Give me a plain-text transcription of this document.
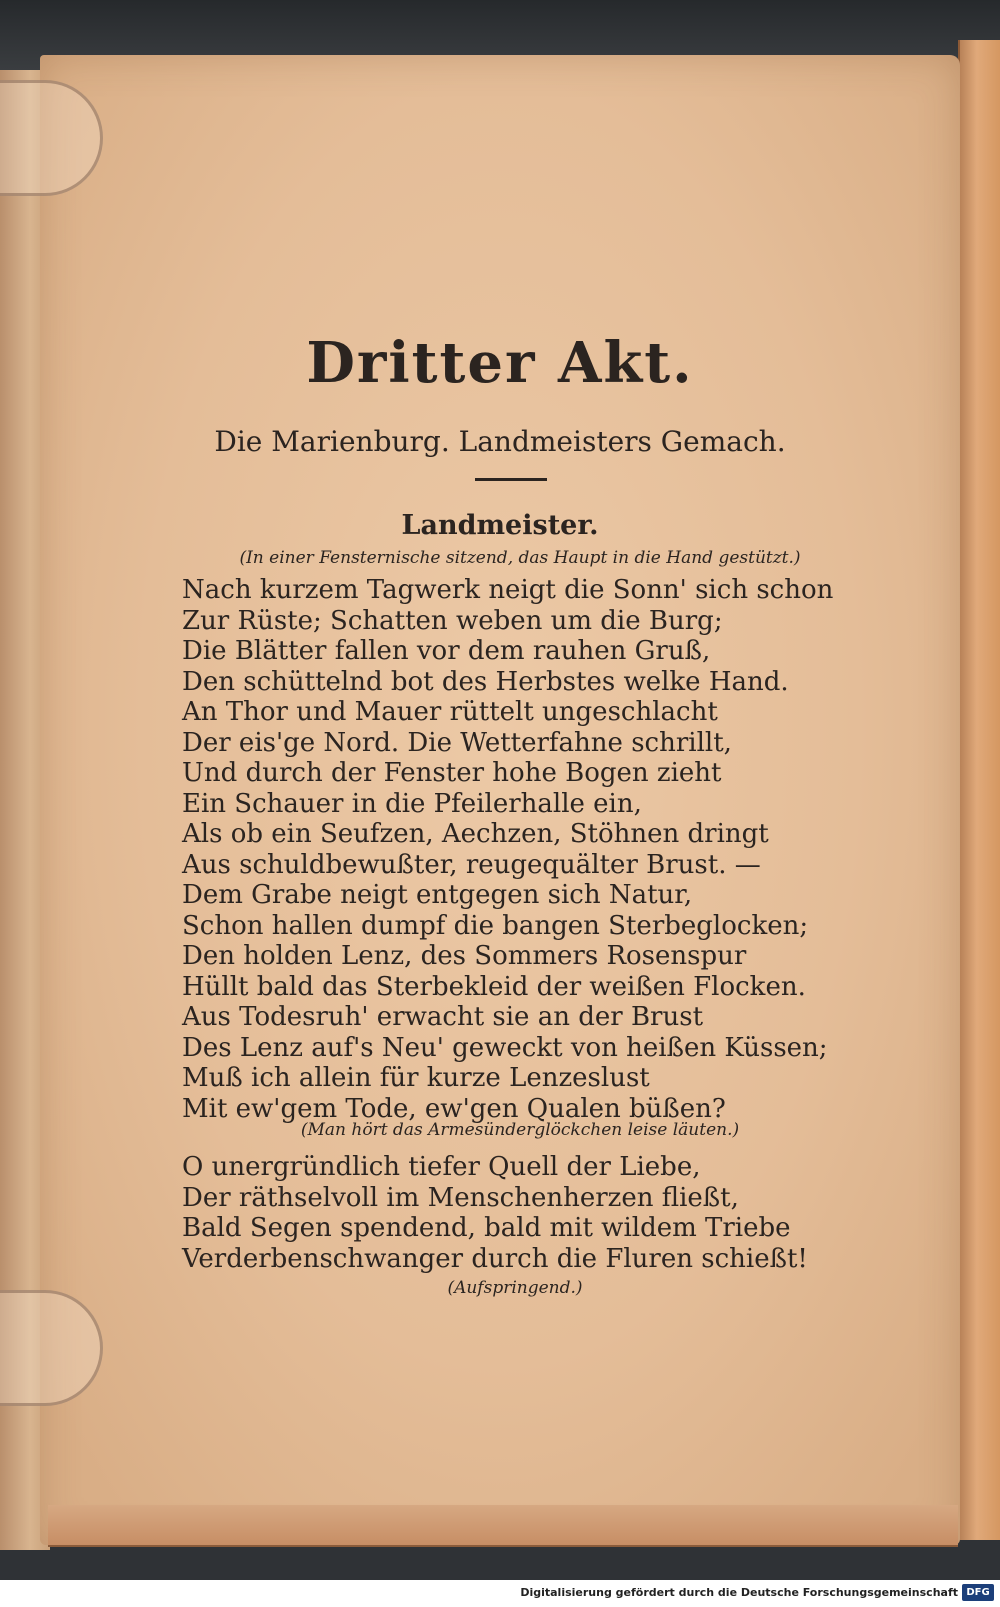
Dritter Akt.
Die Marienburg. Landmeisters Gemach.
Landmeister.
(In einer Fensternische sitzend, das Haupt in die Hand gestützt.)
Nach kurzem Tagwerk neigt die Sonn' sich schon
Zur Rüste; Schatten weben um die Burg;
Die Blätter fallen vor dem rauhen Gruß,
Den schüttelnd bot des Herbstes welke Hand.
An Thor und Mauer rüttelt ungeschlacht
Der eis'ge Nord. Die Wetterfahne schrillt,
Und durch der Fenster hohe Bogen zieht
Ein Schauer in die Pfeilerhalle ein,
Als ob ein Seufzen, Aechzen, Stöhnen dringt
Aus schuldbewußter, reugequälter Brust. —
Dem Grabe neigt entgegen sich Natur,
Schon hallen dumpf die bangen Sterbeglocken;
Den holden Lenz, des Sommers Rosenspur
Hüllt bald das Sterbekleid der weißen Flocken.
Aus Todesruh' erwacht sie an der Brust
Des Lenz auf's Neu' geweckt von heißen Küssen;
Muß ich allein für kurze Lenzeslust
Mit ew'gem Tode, ew'gen Qualen büßen?
(Man hört das Armesünderglöckchen leise läuten.)
O unergründlich tiefer Quell der Liebe,
Der räthselvoll im Menschenherzen fließt,
Bald Segen spendend, bald mit wildem Triebe
Verderbenschwanger durch die Fluren schießt!
(Aufspringend.)
Digitalisierung gefördert durch die Deutsche Forschungsgemeinschaft DFG
